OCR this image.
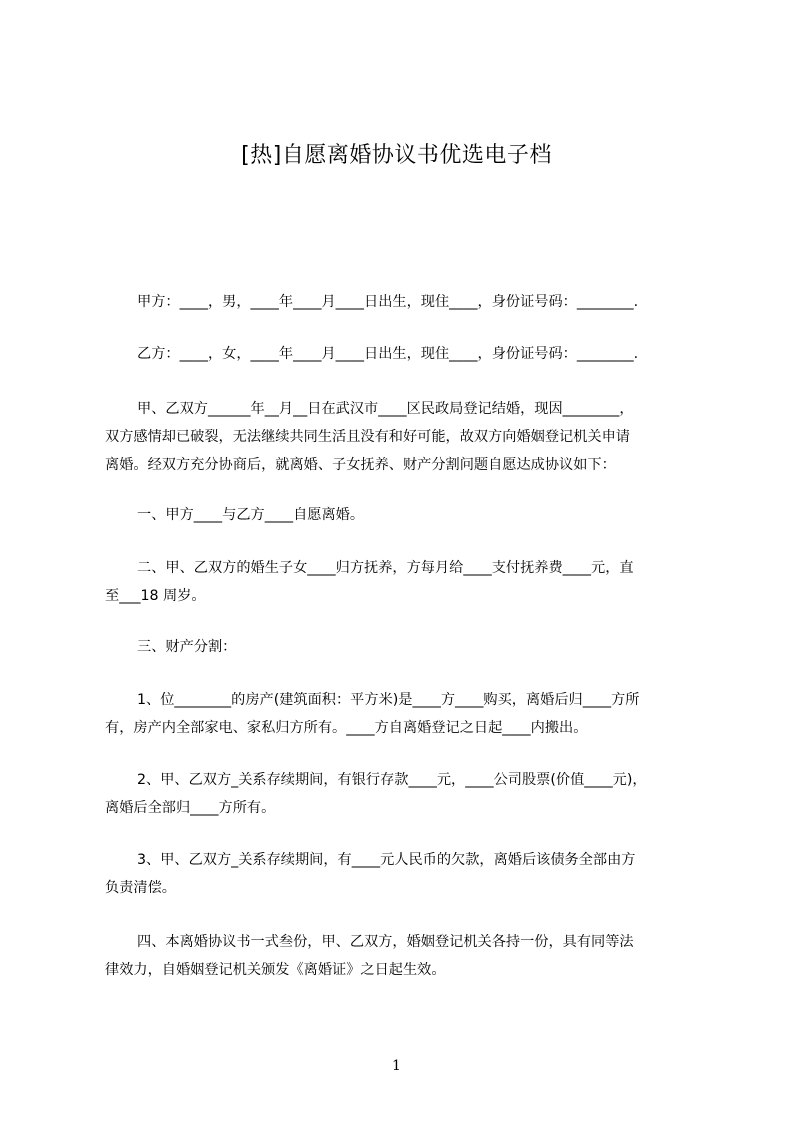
[热]自愿离婚协议书优选电子档
甲方：____，男，____年____月____日出生，现住____，身份证号码：________.
乙方：____，女，____年____月____日出生，现住____，身份证号码：________.
甲、乙双方______年__月__日在武汉市____区民政局登记结婚，现因________，
双方感情却已破裂，无法继续共同生活且没有和好可能，故双方向婚姻登记机关申请
离婚。经双方充分协商后，就离婚、子女抚养、财产分割问题自愿达成协议如下：
一、甲方____与乙方____自愿离婚。
二、甲、乙双方的婚生子女____归方抚养，方每月给____支付抚养费____元，直
至___18 周岁。
三、财产分割：
1、位________的房产(建筑面积：平方米)是____方____购买，离婚后归____方所
有，房产内全部家电、家私归方所有。____方自离婚登记之日起____内搬出。
2、甲、乙双方_关系存续期间，有银行存款____元，____公司股票(价值____元)，
离婚后全部归____方所有。
3、甲、乙双方_关系存续期间，有____元人民币的欠款，离婚后该债务全部由方
负责清偿。
四、本离婚协议书一式叁份，甲、乙双方，婚姻登记机关各持一份，具有同等法
律效力，自婚姻登记机关颁发《离婚证》之日起生效。
1
